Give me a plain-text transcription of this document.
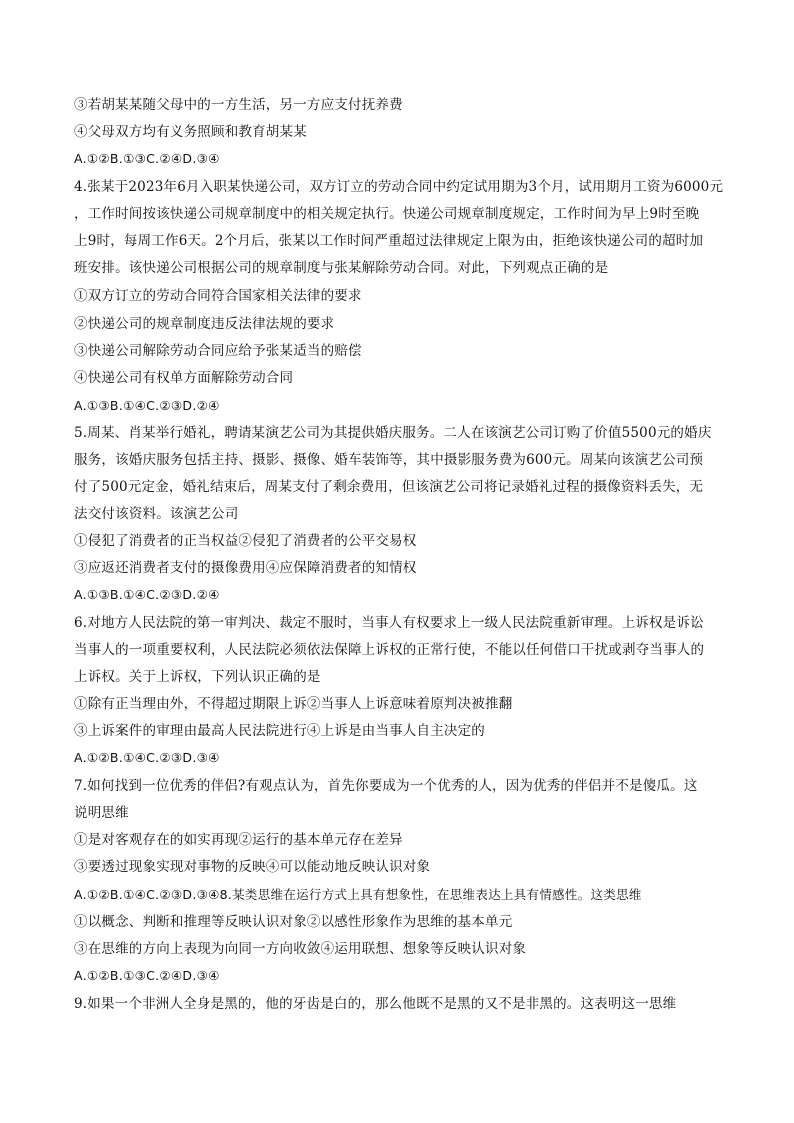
③若胡某某随父母中的一方生活，另一方应支付抚养费
④父母双方均有义务照顾和教育胡某某
A.①②B.①③C.②④D.③④
4.张某于2023年6月入职某快递公司，双方订立的劳动合同中约定试用期为3个月，试用期月工资为6000元
，工作时间按该快递公司规章制度中的相关规定执行。快递公司规章制度规定，工作时间为早上9时至晚
上9时，每周工作6天。2个月后，张某以工作时间严重超过法律规定上限为由，拒绝该快递公司的超时加
班安排。该快递公司根据公司的规章制度与张某解除劳动合同。对此，下列观点正确的是
①双方订立的劳动合同符合国家相关法律的要求
②快递公司的规章制度违反法律法规的要求
③快递公司解除劳动合同应给予张某适当的赔偿
④快递公司有权单方面解除劳动合同
A.①③B.①④C.②③D.②④
5.周某、肖某举行婚礼，聘请某演艺公司为其提供婚庆服务。二人在该演艺公司订购了价值5500元的婚庆
服务，该婚庆服务包括主持、摄影、摄像、婚车装饰等，其中摄影服务费为600元。周某向该演艺公司预
付了500元定金，婚礼结束后，周某支付了剩余费用，但该演艺公司将记录婚礼过程的摄像资料丢失，无
法交付该资料。该演艺公司
①侵犯了消费者的正当权益②侵犯了消费者的公平交易权
③应返还消费者支付的摄像费用④应保障消费者的知情权
A.①③B.①④C.②③D.②④
6.对地方人民法院的第一审判决、裁定不服时，当事人有权要求上一级人民法院重新审理。上诉权是诉讼
当事人的一项重要权利，人民法院必须依法保障上诉权的正常行使，不能以任何借口干扰或剥夺当事人的
上诉权。关于上诉权，下列认识正确的是
①除有正当理由外，不得超过期限上诉②当事人上诉意味着原判决被推翻
③上诉案件的审理由最高人民法院进行④上诉是由当事人自主决定的
A.①②B.①④C.②③D.③④
7.如何找到一位优秀的伴侣?有观点认为，首先你要成为一个优秀的人，因为优秀的伴侣并不是傻瓜。这
说明思维
①是对客观存在的如实再现②运行的基本单元存在差异
③要透过现象实现对事物的反映④可以能动地反映认识对象
A.①②B.①④C.②③D.③④8.某类思维在运行方式上具有想象性，在思维表达上具有情感性。这类思维
①以概念、判断和推理等反映认识对象②以感性形象作为思维的基本单元
③在思维的方向上表现为向同一方向收敛④运用联想、想象等反映认识对象
A.①②B.①③C.②④D.③④
9.如果一个非洲人全身是黑的，他的牙齿是白的，那么他既不是黑的又不是非黑的。这表明这一思维
